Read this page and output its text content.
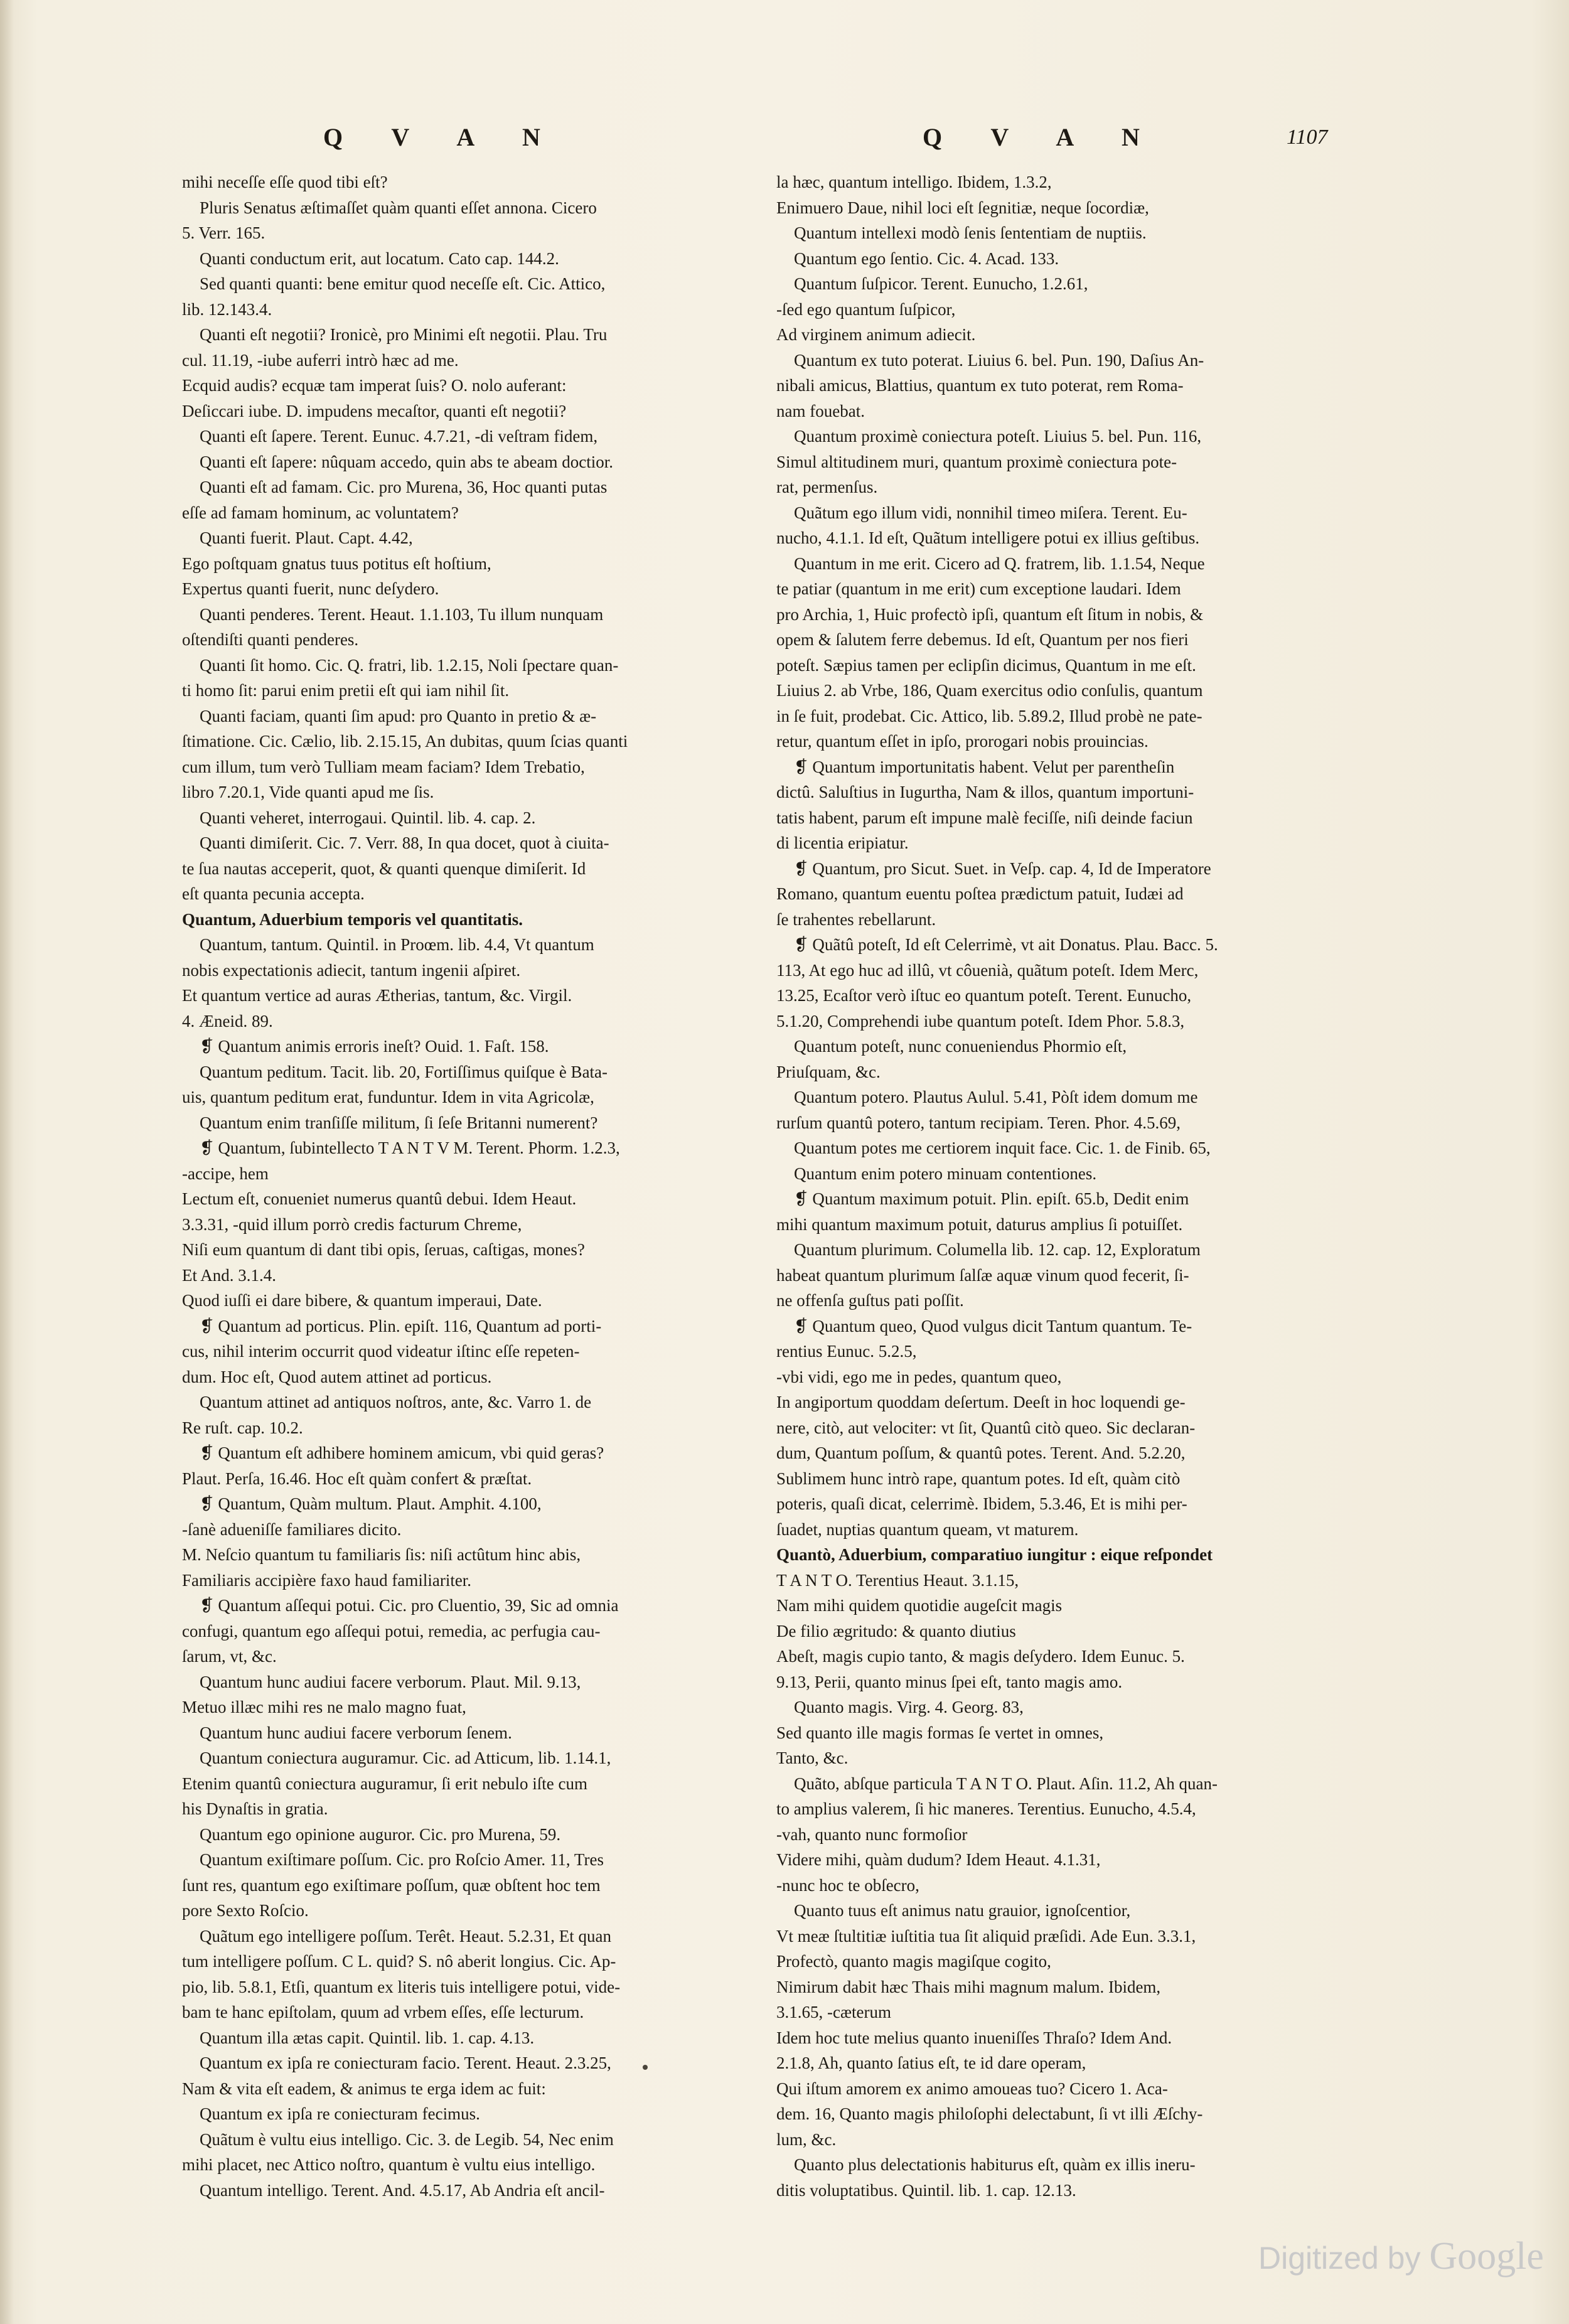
Q V A N	Q V A N	1107
mihi neceſſe eſſe quod tibi eſt?
Pluris Senatus æſtimaſſet quàm quanti eſſet annona. Cicero
5. Verr. 165.
Quanti conductum erit, aut locatum. Cato cap. 144.2.
Sed quanti quanti: bene emitur quod neceſſe eſt. Cic. Attico,
lib. 12.143.4.
Quanti eſt negotii? Ironicè, pro Minimi eſt negotii. Plau. Tru
cul. 11.19, -iube auferri intrò hæc ad me.
Ecquid audis? ecquæ tam imperat ſuis? O. nolo auferant:
Deſiccari iube. D. impudens mecaſtor, quanti eſt negotii?
Quanti eſt ſapere. Terent. Eunuc. 4.7.21, -di veſtram fidem,
Quanti eſt ſapere: nûquam accedo, quin abs te abeam doctior.
Quanti eſt ad famam. Cic. pro Murena, 36, Hoc quanti putas
eſſe ad famam hominum, ac voluntatem?
Quanti fuerit. Plaut. Capt. 4.42,
Ego poſtquam gnatus tuus potitus eſt hoſtium,
Expertus quanti fuerit, nunc deſydero.
Quanti penderes. Terent. Heaut. 1.1.103, Tu illum nunquam
oſtendiſti quanti penderes.
Quanti ſit homo. Cic. Q. fratri, lib. 1.2.15, Noli ſpectare quan-
ti homo ſit: parui enim pretii eſt qui iam nihil ſit.
Quanti faciam, quanti ſim apud: pro Quanto in pretio & æ-
ſtimatione. Cic. Cælio, lib. 2.15.15, An dubitas, quum ſcias quanti
cum illum, tum verò Tulliam meam faciam? Idem Trebatio,
libro 7.20.1, Vide quanti apud me ſis.
Quanti veheret, interrogaui. Quintil. lib. 4. cap. 2.
Quanti dimiſerit. Cic. 7. Verr. 88, In qua docet, quot à ciuita-
te ſua nautas acceperit, quot, & quanti quenque dimiſerit. Id
eſt quanta pecunia accepta.
Quantum, Aduerbium temporis vel quantitatis.
Quantum, tantum. Quintil. in Proœm. lib. 4.4, Vt quantum
nobis expectationis adiecit, tantum ingenii aſpiret.
Et quantum vertice ad auras Ætherias, tantum, &c. Virgil.
4. Æneid. 89.
❡ Quantum animis erroris ineſt? Ouid. 1. Faſt. 158.
Quantum peditum. Tacit. lib. 20, Fortiſſimus quiſque è Bata-
uis, quantum peditum erat, funduntur. Idem in vita Agricolæ,
Quantum enim tranſiſſe militum, ſi ſeſe Britanni numerent?
❡ Quantum, ſubintellecto T A N T V M. Terent. Phorm. 1.2.3,
-accipe, hem
Lectum eſt, conueniet numerus quantû debui. Idem Heaut.
3.3.31, -quid illum porrò credis facturum Chreme,
Niſi eum quantum di dant tibi opis, ſeruas, caſtigas, mones?
Et And. 3.1.4.
Quod iuſſi ei dare bibere, & quantum imperaui, Date.
❡ Quantum ad porticus. Plin. epiſt. 116, Quantum ad porti-
cus, nihil interim occurrit quod videatur iſtinc eſſe repeten-
dum. Hoc eſt, Quod autem attinet ad porticus.
Quantum attinet ad antiquos noſtros, ante, &c. Varro 1. de
Re ruſt. cap. 10.2.
❡ Quantum eſt adhibere hominem amicum, vbi quid geras?
Plaut. Perſa, 16.46. Hoc eſt quàm confert & præſtat.
❡ Quantum, Quàm multum. Plaut. Amphit. 4.100,
-ſanè adueniſſe familiares dicito.
M. Neſcio quantum tu familiaris ſis: niſi actûtum hinc abis,
Familiaris accipière faxo haud familiariter.
❡ Quantum aſſequi potui. Cic. pro Cluentio, 39, Sic ad omnia
confugi, quantum ego aſſequi potui, remedia, ac perfugia cau-
ſarum, vt, &c.
Quantum hunc audiui facere verborum. Plaut. Mil. 9.13,
Metuo illæc mihi res ne malo magno fuat,
Quantum hunc audiui facere verborum ſenem.
Quantum coniectura auguramur. Cic. ad Atticum, lib. 1.14.1,
Etenim quantû coniectura auguramur, ſi erit nebulo iſte cum
his Dynaſtis in gratia.
Quantum ego opinione auguror. Cic. pro Murena, 59.
Quantum exiſtimare poſſum. Cic. pro Roſcio Amer. 11, Tres
ſunt res, quantum ego exiſtimare poſſum, quæ obſtent hoc tem
pore Sexto Roſcio.
Quãtum ego intelligere poſſum. Terêt. Heaut. 5.2.31, Et quan
tum intelligere poſſum. C L. quid? S. nô aberit longius. Cic. Ap-
pio, lib. 5.8.1, Etſi, quantum ex literis tuis intelligere potui, vide-
bam te hanc epiſtolam, quum ad vrbem eſſes, eſſe lecturum.
Quantum illa ætas capit. Quintil. lib. 1. cap. 4.13.
Quantum ex ipſa re coniecturam facio. Terent. Heaut. 2.3.25,
Nam & vita eſt eadem, & animus te erga idem ac fuit:
Quantum ex ipſa re coniecturam fecimus.
Quãtum è vultu eius intelligo. Cic. 3. de Legib. 54, Nec enim
mihi placet, nec Attico noſtro, quantum è vultu eius intelligo.
Quantum intelligo. Terent. And. 4.5.17, Ab Andria eſt ancil-
la hæc, quantum intelligo. Ibidem, 1.3.2,
Enimuero Daue, nihil loci eſt ſegnitiæ, neque ſocordiæ,
Quantum intellexi modò ſenis ſententiam de nuptiis.
Quantum ego ſentio. Cic. 4. Acad. 133.
Quantum ſuſpicor. Terent. Eunucho, 1.2.61,
-ſed ego quantum ſuſpicor,
Ad virginem animum adiecit.
Quantum ex tuto poterat. Liuius 6. bel. Pun. 190, Daſius An-
nibali amicus, Blattius, quantum ex tuto poterat, rem Roma-
nam fouebat.
Quantum proximè coniectura poteſt. Liuius 5. bel. Pun. 116,
Simul altitudinem muri, quantum proximè coniectura pote-
rat, permenſus.
Quãtum ego illum vidi, nonnihil timeo miſera. Terent. Eu-
nucho, 4.1.1. Id eſt, Quãtum intelligere potui ex illius geſtibus.
Quantum in me erit. Cicero ad Q. fratrem, lib. 1.1.54, Neque
te patiar (quantum in me erit) cum exceptione laudari. Idem
pro Archia, 1, Huic profectò ipſi, quantum eſt ſitum in nobis, &
opem & ſalutem ferre debemus. Id eſt, Quantum per nos fieri
poteſt. Sæpius tamen per eclipſin dicimus, Quantum in me eſt.
Liuius 2. ab Vrbe, 186, Quam exercitus odio conſulis, quantum
in ſe fuit, prodebat. Cic. Attico, lib. 5.89.2, Illud probè ne pate-
retur, quantum eſſet in ipſo, prorogari nobis prouincias.
❡ Quantum importunitatis habent. Velut per parentheſin
dictû. Saluſtius in Iugurtha, Nam & illos, quantum importuni-
tatis habent, parum eſt impune malè feciſſe, niſi deinde faciun
di licentia eripiatur.
❡ Quantum, pro Sicut. Suet. in Veſp. cap. 4, Id de Imperatore
Romano, quantum euentu poſtea prædictum patuit, Iudæi ad
ſe trahentes rebellarunt.
❡ Quãtû poteſt, Id eſt Celerrimè, vt ait Donatus. Plau. Bacc. 5.
113, At ego huc ad illû, vt côuenià, quãtum poteſt. Idem Merc,
13.25, Ecaſtor verò iſtuc eo quantum poteſt. Terent. Eunucho,
5.1.20, Comprehendi iube quantum poteſt. Idem Phor. 5.8.3,
Quantum poteſt, nunc conueniendus Phormio eſt,
Priuſquam, &c.
Quantum potero. Plautus Aulul. 5.41, Pòſt idem domum me
rurſum quantû potero, tantum recipiam. Teren. Phor. 4.5.69,
Quantum potes me certiorem inquit face. Cic. 1. de Finib. 65,
Quantum enim potero minuam contentiones.
❡ Quantum maximum potuit. Plin. epiſt. 65.b, Dedit enim
mihi quantum maximum potuit, daturus amplius ſi potuiſſet.
Quantum plurimum. Columella lib. 12. cap. 12, Exploratum
habeat quantum plurimum ſalſæ aquæ vinum quod fecerit, ſi-
ne offenſa guſtus pati poſſit.
❡ Quantum queo, Quod vulgus dicit Tantum quantum. Te-
rentius Eunuc. 5.2.5,
-vbi vidi, ego me in pedes, quantum queo,
In angiportum quoddam deſertum. Deeſt in hoc loquendi ge-
nere, citò, aut velociter: vt ſit, Quantû citò queo. Sic declaran-
dum, Quantum poſſum, & quantû potes. Terent. And. 5.2.20,
Sublimem hunc intrò rape, quantum potes. Id eſt, quàm citò
poteris, quaſi dicat, celerrimè. Ibidem, 5.3.46, Et is mihi per-
ſuadet, nuptias quantum queam, vt maturem.
Quantò, Aduerbium, comparatiuo iungitur : eique reſpondet
T A N T O. Terentius Heaut. 3.1.15,
Nam mihi quidem quotidie augeſcit magis
De filio ægritudo: & quanto diutius
Abeſt, magis cupio tanto, & magis deſydero. Idem Eunuc. 5.
9.13, Perii, quanto minus ſpei eſt, tanto magis amo.
Quanto magis. Virg. 4. Georg. 83,
Sed quanto ille magis formas ſe vertet in omnes,
Tanto, &c.
Quãto, abſque particula T A N T O. Plaut. Aſin. 11.2, Ah quan-
to amplius valerem, ſi hic maneres. Terentius. Eunucho, 4.5.4,
-vah, quanto nunc formoſior
Videre mihi, quàm dudum? Idem Heaut. 4.1.31,
-nunc hoc te obſecro,
Quanto tuus eſt animus natu grauior, ignoſcentior,
Vt meæ ſtultitiæ iuſtitia tua ſit aliquid præſidi. Ade Eun. 3.3.1,
Profectò, quanto magis magiſque cogito,
Nimirum dabit hæc Thais mihi magnum malum. Ibidem,
3.1.65, -cæterum
Idem hoc tute melius quanto inueniſſes Thraſo? Idem And.
2.1.8, Ah, quanto ſatius eſt, te id dare operam,
Qui iſtum amorem ex animo amoueas tuo? Cicero 1. Aca-
dem. 16, Quanto magis philoſophi delectabunt, ſi vt illi Æſchy-
lum, &c.
Quanto plus delectationis habiturus eſt, quàm ex illis ineru-
ditis voluptatibus. Quintil. lib. 1. cap. 12.13.
Digitized by Google
